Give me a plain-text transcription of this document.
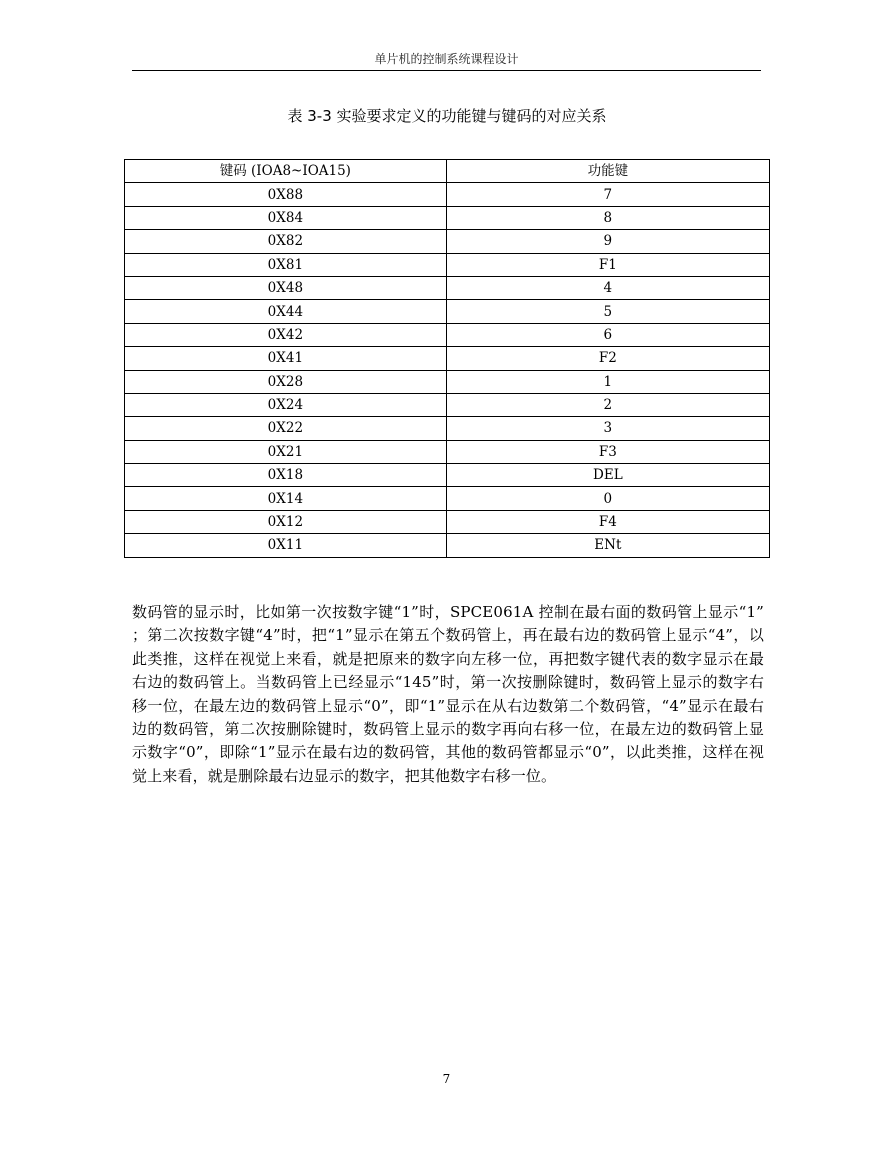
单片机的控制系统课程设计
表 3-3 实验要求定义的功能键与键码的对应关系
键码 (IOA8~IOA15)	功能键
0X88	7
0X84	8
0X82	9
0X81	F1
0X48	4
0X44	5
0X42	6
0X41	F2
0X28	1
0X24	2
0X22	3
0X21	F3
0X18	DEL
0X14	0
0X12	F4
0X11	ENt

数码管的显示时，比如第一次按数字键“1”时，SPCE061A 控制在最右面的数码管上显示“1” ；第二次按数字键“4”时，把“1”显示在第五个数码管上，再在最右边的数码管上显示“4”，以此类推，这样在视觉上来看，就是把原来的数字向左移一位，再把数字键代表的数字显示在最右边的数码管上。当数码管上已经显示“145”时，第一次按删除键时，数码管上显示的数字右移一位，在最左边的数码管上显示“0”，即“1”显示在从右边数第二个数码管，“4”显示在最右边的数码管，第二次按删除键时，数码管上显示的数字再向右移一位，在最左边的数码管上显示数字“0”，即除“1”显示在最右边的数码管，其他的数码管都显示“0”，以此类推，这样在视觉上来看，就是删除最右边显示的数字，把其他数字右移一位。

7
